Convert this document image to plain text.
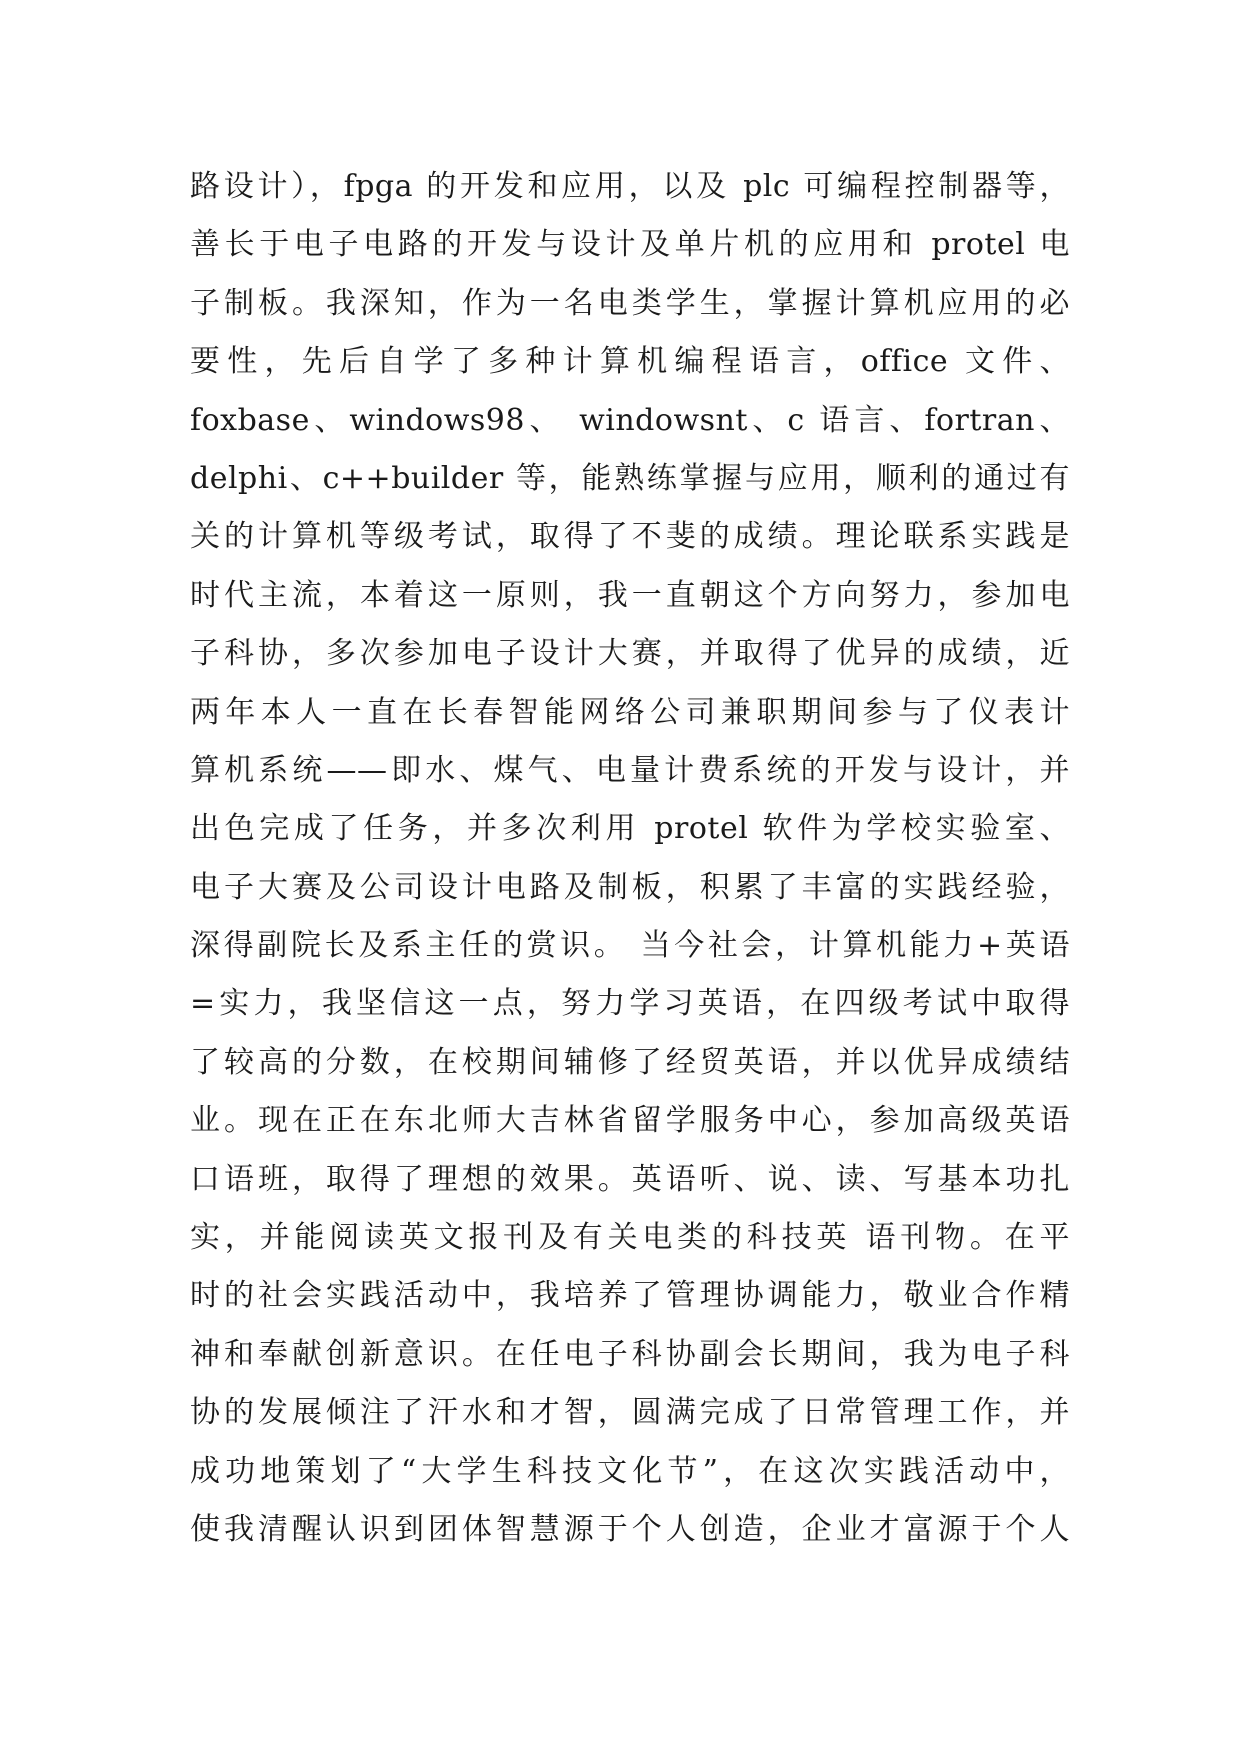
路设计），fpga 的开发和应用，以及 plc 可编程控制器等，
善长于电子电路的开发与设计及单片机的应用和 protel 电
子制板。我深知，作为一名电类学生，掌握计算机应用的必
要性，先后自学了多种计算机编程语言，office 文件、
foxbase、windows98、 windowsnt、c 语言、fortran、
delphi、c++builder 等，能熟练掌握与应用，顺利的通过有
关的计算机等级考试，取得了不斐的成绩。理论联系实践是
时代主流，本着这一原则，我一直朝这个方向努力，参加电
子科协，多次参加电子设计大赛，并取得了优异的成绩，近
两年本人一直在长春智能网络公司兼职期间参与了仪表计
算机系统——即水、煤气、电量计费系统的开发与设计，并
出色完成了任务，并多次利用 protel 软件为学校实验室、
电子大赛及公司设计电路及制板，积累了丰富的实践经验，
深得副院长及系主任的赏识。 当今社会，计算机能力+英语
=实力，我坚信这一点，努力学习英语，在四级考试中取得
了较高的分数，在校期间辅修了经贸英语，并以优异成绩结
业。现在正在东北师大吉林省留学服务中心，参加高级英语
口语班，取得了理想的效果。英语听、说、读、写基本功扎
实，并能阅读英文报刊及有关电类的科技英 语刊物。在平
时的社会实践活动中，我培养了管理协调能力，敬业合作精
神和奉献创新意识。在任电子科协副会长期间，我为电子科
协的发展倾注了汗水和才智，圆满完成了日常管理工作，并
成功地策划了“大学生科技文化节”，在这次实践活动中，
使我清醒认识到团体智慧源于个人创造，企业才富源于个人
